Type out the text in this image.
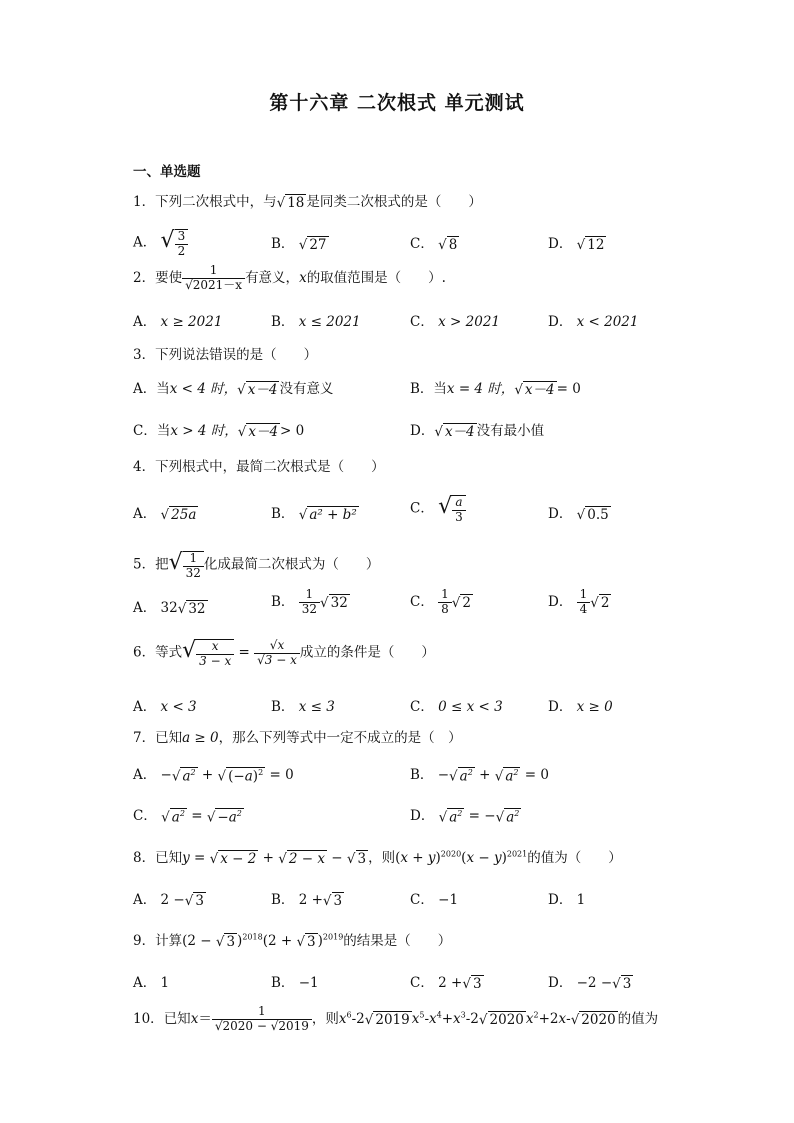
第十六章 二次根式 单元测试
一、单选题
1．下列二次根式中，与√ 18 是同类二次根式的是（　　）
A． √ $\frac{3}{2}$	B． √ 27	C． √ 8	D． √ 12
2．要使 $\frac{1}{√2021-x}$ 有意义，x的取值范围是（　　）.
A． x ≥ 2021	B． x ≤ 2021	C． x > 2021	D． x < 2021
3．下列说法错误的是（　　）
A．当x < 4 时，√ x－4 没有意义	B．当x = 4 时，√ x－4 = 0
C．当x > 4 时，√ x－4 > 0	D．√ x－4 没有最小值
4．下列根式中，最简二次根式是（　　）
A． √ 25a	B． √ a² + b²	C． √ $\frac{a}{3}$	D． √ 0.5
5．把√ $\frac{1}{32}$ 化成最简二次根式为（　　）
A． 32√ 32	B． $\frac{1}{32}$ √ 32	C． $\frac{1}{8}$ √ 2	D． $\frac{1}{4}$ √ 2
6．等式√ $\frac{x}{3 - x} = \frac{√x}{√3 - x}$ 成立的条件是（　　）
A． x < 3	B． x ≤ 3	C． 0 ≤ x < 3	D． x ≥ 0
7．已知a ≥ 0，那么下列等式中一定不成立的是（　）
A． −√ $a^2$ + √ $(-a)^2 = 0$	B． −√ $a^2$ + √ $a^2 = 0$
C． √ $a^2$ = √ $-a^2$	D． √ $a^2$ = −√ $a^2$
8．已知y = √ x − 2 + √ 2 − x − √ 3 ，则$(x + y)^{2020}(x - y)^{2021}$的值为（　　）
A． 2 −√ 3	B． 2 +√ 3	C． −1	D． 1
9．计算(2 − √ 3 )$^{2018}$(2 + √ 3 )$^{2019}$的结果是（　　）
A． 1	B． −1	C． 2 +√ 3	D． −2 −√ 3
10．已知$x= \frac{1}{√2020 - √2019}$ ，则$x^6-2√$ 2019 $x^5-x^4+x^3-2√$ 2020 $x^2+2x-√$ 2020 的值为
